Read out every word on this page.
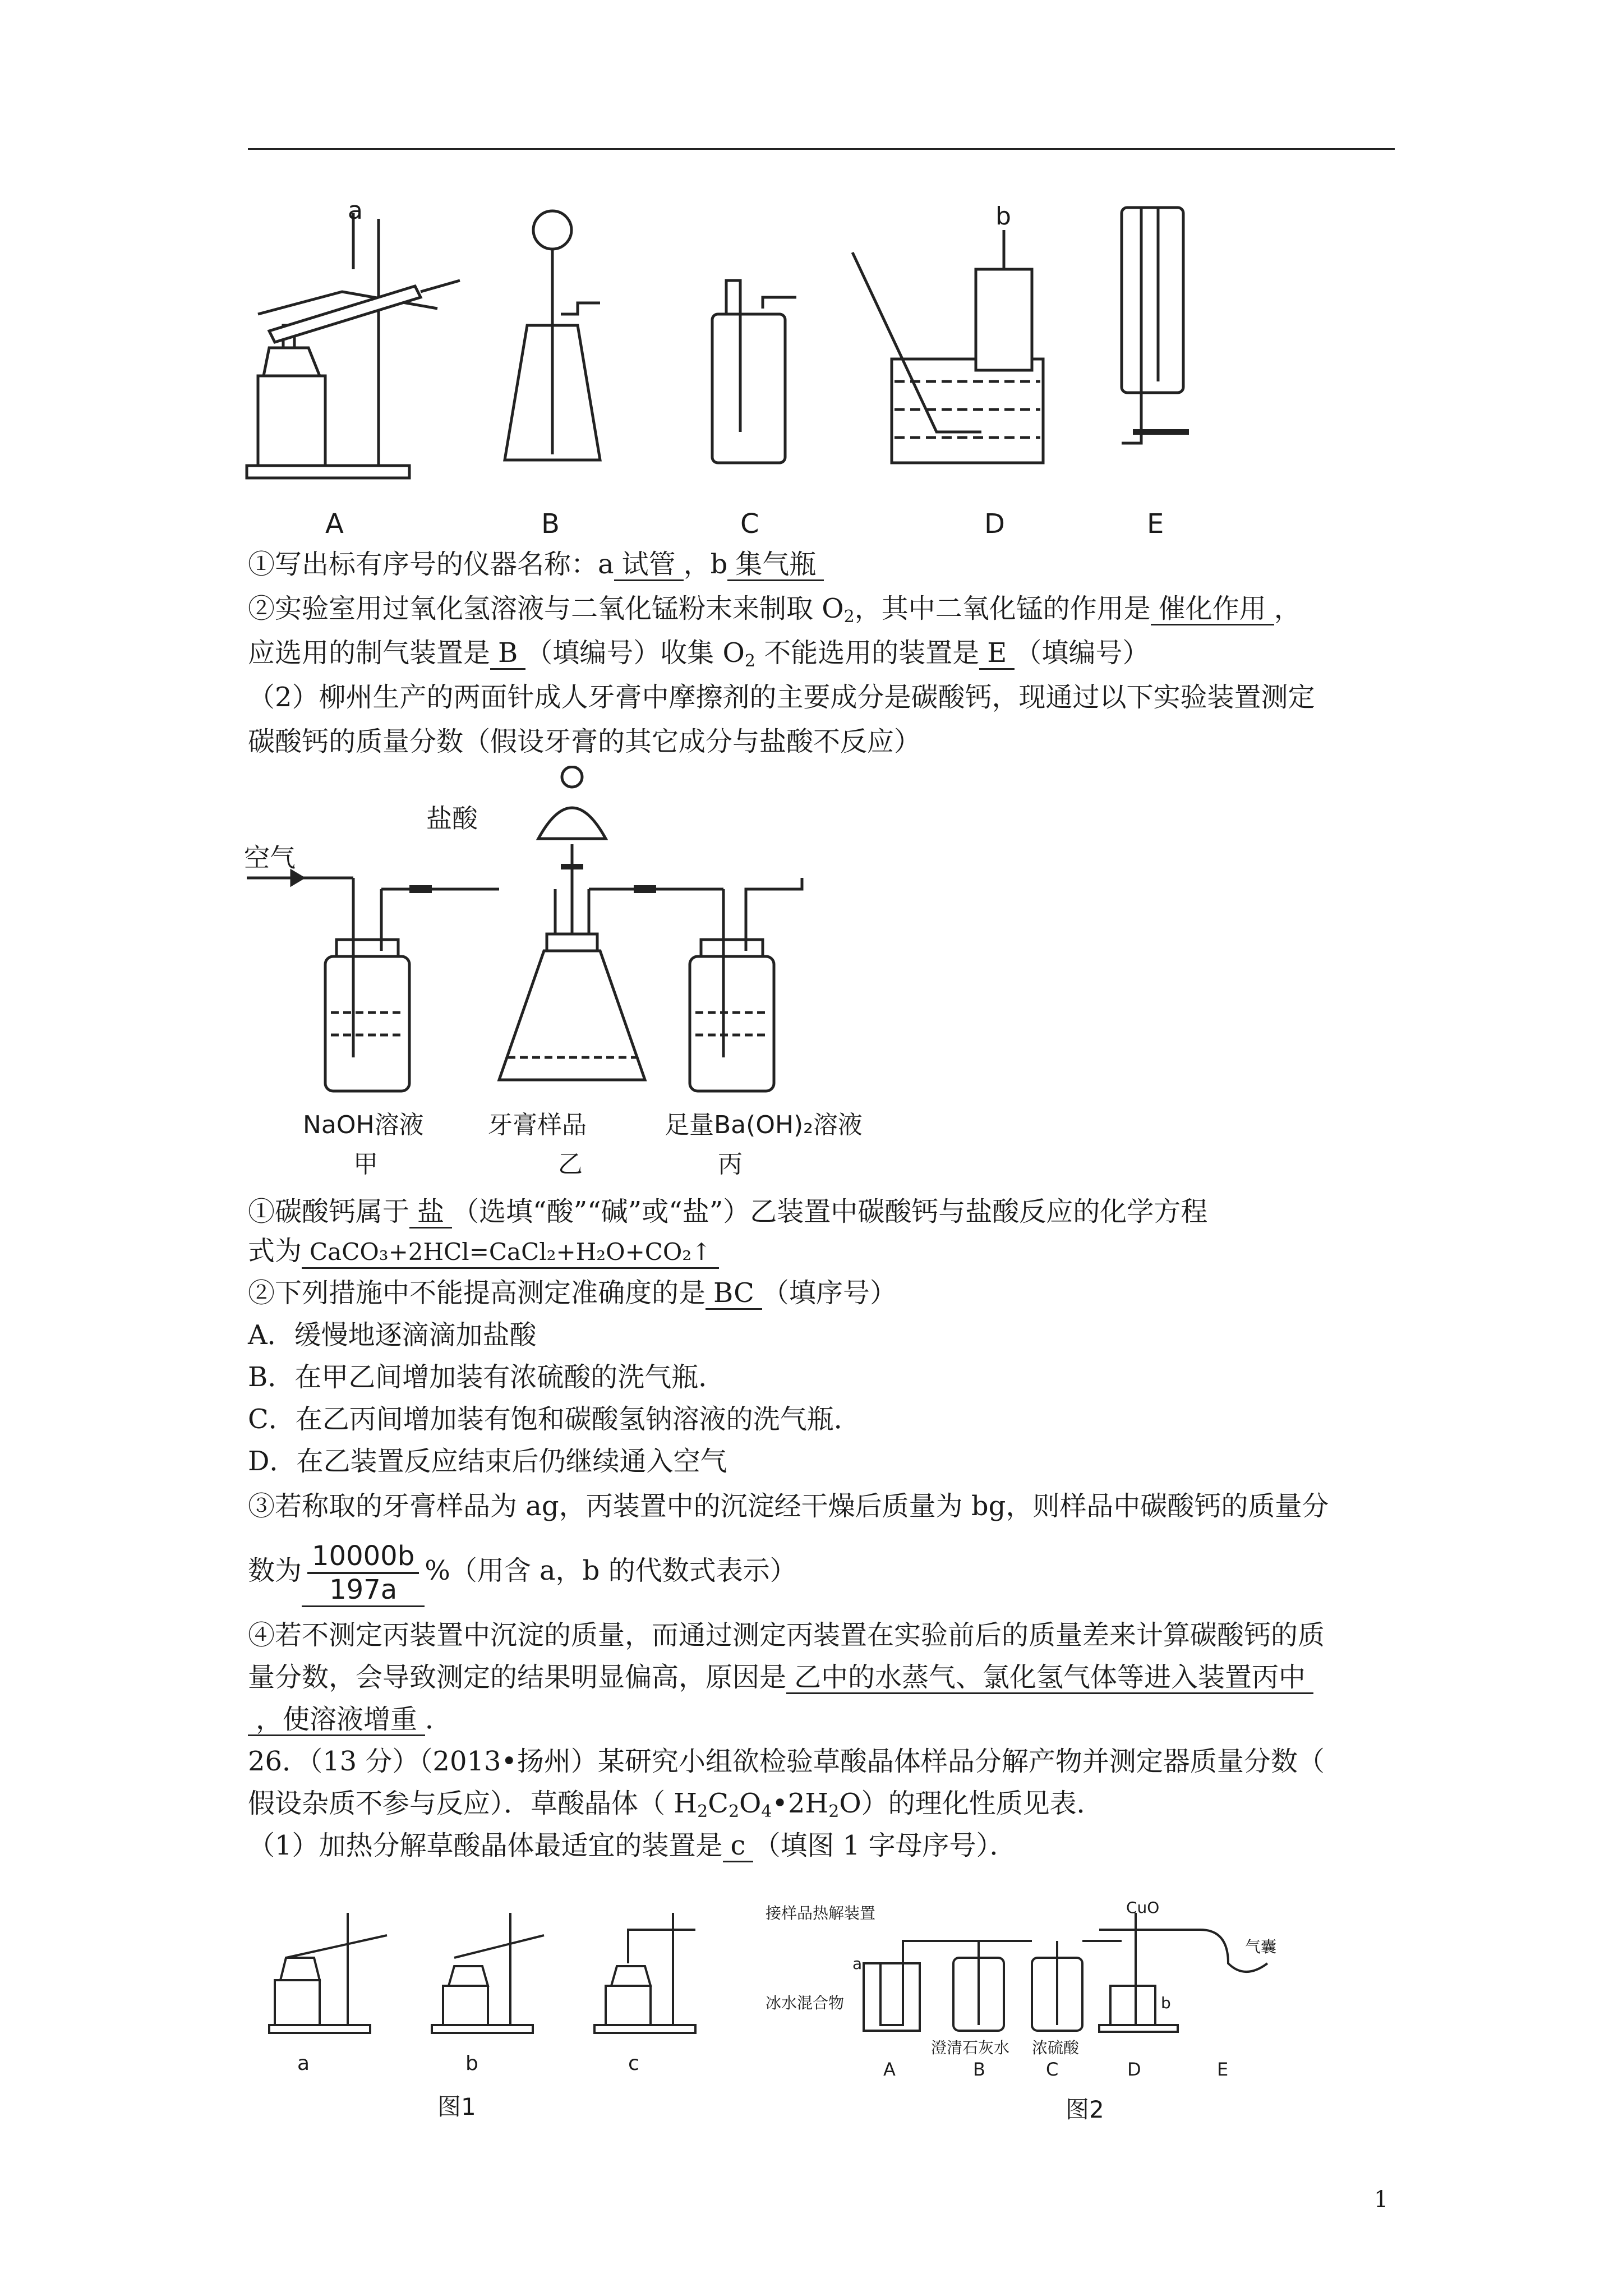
a	b
A	B	C	D	E
①写出标有序号的仪器名称：a 试管 ，b 集气瓶
②实验室用过氧化氢溶液与二氧化锰粉末来制取 $O_2$，其中二氧化锰的作用是 催化作用 ，
应选用的制气装置是 B （填编号）收集 $O_2$ 不能选用的装置是 E （填编号）
（2）柳州生产的两面针成人牙膏中摩擦剂的主要成分是碳酸钙，现通过以下实验装置测定
碳酸钙的质量分数（假设牙膏的其它成分与盐酸不反应）
盐酸
空气
NaOH溶液	牙膏样品	足量Ba(OH)₂溶液
甲	乙	丙
①碳酸钙属于 盐 （选填“酸”“碱”或“盐”）乙装置中碳酸钙与盐酸反应的化学方程
式为 CaCO₃+2HCl=CaCl₂+H₂O+CO₂↑
②下列措施中不能提高测定准确度的是 BC （填序号）
A．缓慢地逐滴滴加盐酸
B．在甲乙间增加装有浓硫酸的洗气瓶．
C．在乙丙间增加装有饱和碳酸氢钠溶液的洗气瓶．
D．在乙装置反应结束后仍继续通入空气
③若称取的牙膏样品为 ag，丙装置中的沉淀经干燥后质量为 bg，则样品中碳酸钙的质量分
数为 $\frac{10000b}{197a}$ %（用含 a，b 的代数式表示）
④若不测定丙装置中沉淀的质量，而通过测定丙装置在实验前后的质量差来计算碳酸钙的质
量分数，会导致测定的结果明显偏高，原因是 乙中的水蒸气、氯化氢气体等进入装置丙中
，使溶液增重 ．
26．（13 分）（2013•扬州）某研究小组欲检验草酸晶体样品分解产物并测定器质量分数（
假设杂质不参与反应）．草酸晶体（ $H_2C_2O_4•2H_2O$）的理化性质见表．
（1）加热分解草酸晶体最适宜的装置是 c （填图 1 字母序号）．
a	b	c
图1
接样品热解装置	CuO
气囊
冰水混合物
澄清石灰水 浓硫酸
a
b
A	B	C	D	E
图2
1
